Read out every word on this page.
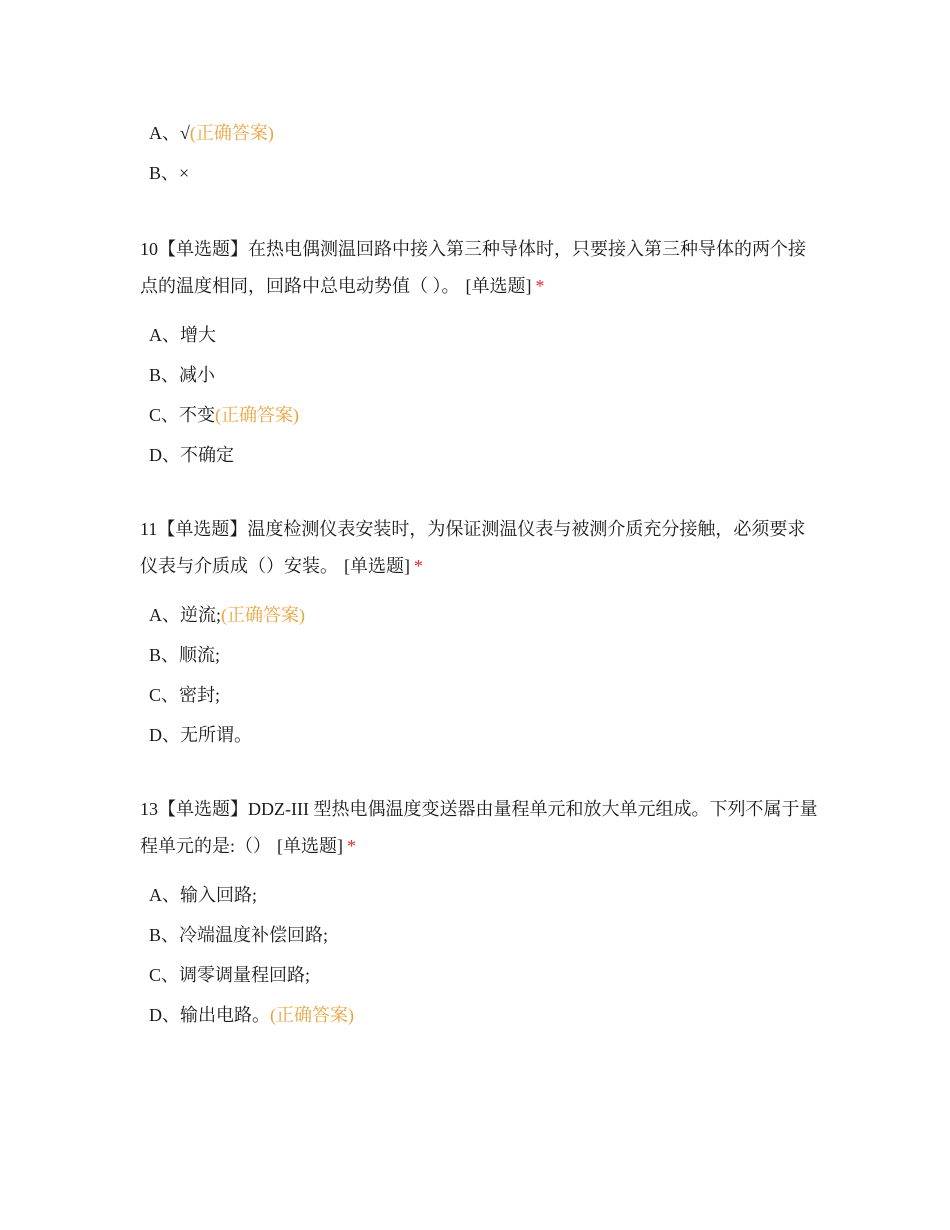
A、√(正确答案)
B、×

10【单选题】在热电偶测温回路中接入第三种导体时，只要接入第三种导体的两个接点的温度相同，回路中总电动势值（ ）。 [单选题] *

A、增大
B、减小
C、不变(正确答案)
D、不确定

11【单选题】温度检测仪表安装时，为保证测温仪表与被测介质充分接触，必须要求仪表与介质成（）安装。 [单选题] *

A、逆流;(正确答案)
B、顺流;
C、密封;
D、无所谓。

13【单选题】DDZ-III 型热电偶温度变送器由量程单元和放大单元组成。下列不属于量程单元的是:（） [单选题] *

A、输入回路;
B、冷端温度补偿回路;
C、调零调量程回路;
D、输出电路。(正确答案)
